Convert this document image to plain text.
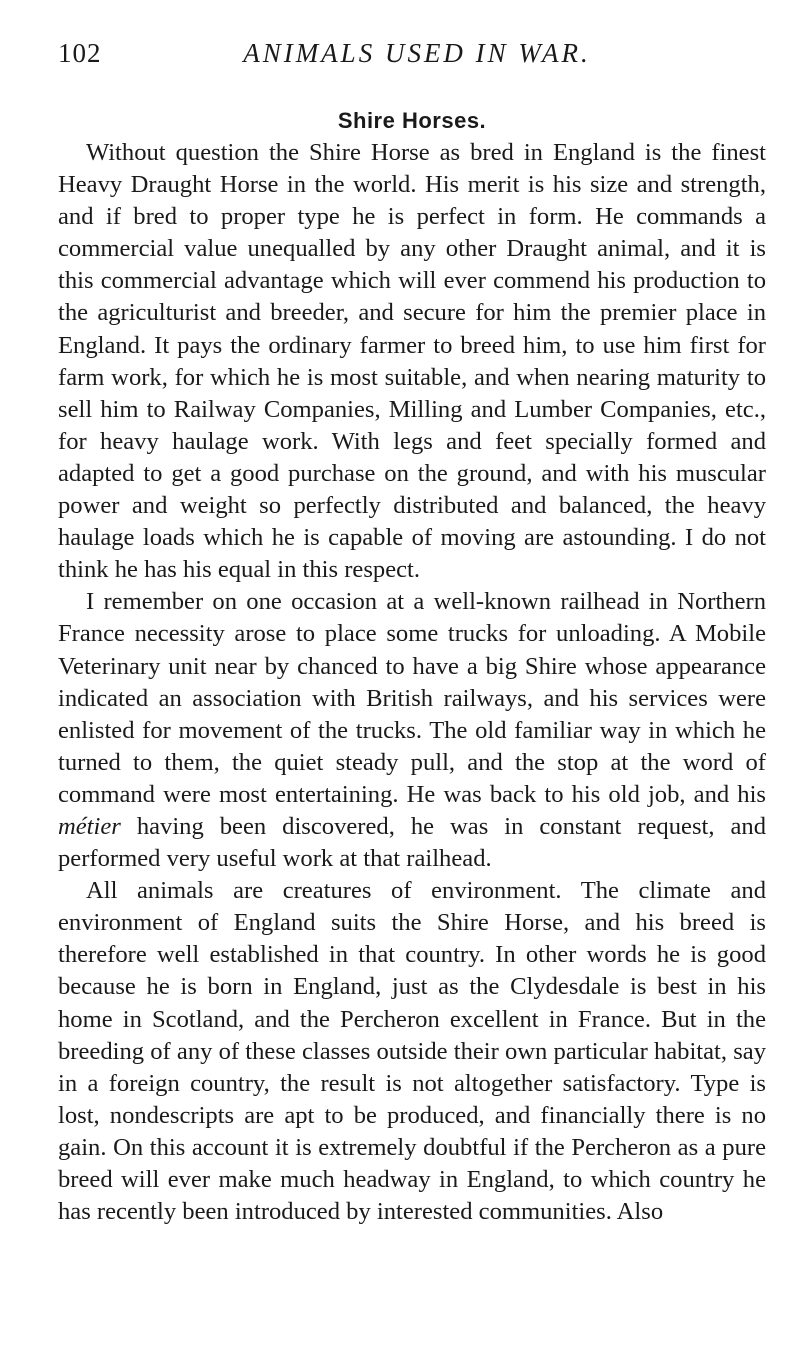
102	ANIMALS USED IN WAR.
Shire Horses.

Without question the Shire Horse as bred in England is the finest Heavy Draught Horse in the world. His merit is his size and strength, and if bred to proper type he is perfect in form. He commands a commercial value unequalled by any other Draught animal, and it is this commercial advantage which will ever commend his production to the agriculturist and breeder, and secure for him the premier place in England. It pays the ordinary farmer to breed him, to use him first for farm work, for which he is most suitable, and when nearing maturity to sell him to Railway Companies, Milling and Lumber Companies, etc., for heavy haulage work. With legs and feet specially formed and adapted to get a good purchase on the ground, and with his muscular power and weight so perfectly distributed and balanced, the heavy haulage loads which he is capable of moving are astounding. I do not think he has his equal in this respect.

I remember on one occasion at a well-known railhead in Northern France necessity arose to place some trucks for unloading. A Mobile Veterinary unit near by chanced to have a big Shire whose appearance indicated an association with British railways, and his services were enlisted for movement of the trucks. The old familiar way in which he turned to them, the quiet steady pull, and the stop at the word of command were most entertaining. He was back to his old job, and his métier having been discovered, he was in constant request, and performed very useful work at that railhead.

All animals are creatures of environment. The climate and environment of England suits the Shire Horse, and his breed is therefore well established in that country. In other words he is good because he is born in England, just as the Clydesdale is best in his home in Scotland, and the Percheron excellent in France. But in the breeding of any of these classes outside their own particular habitat, say in a foreign country, the result is not altogether satisfactory. Type is lost, nondescripts are apt to be produced, and financially there is no gain. On this account it is extremely doubtful if the Percheron as a pure breed will ever make much headway in England, to which country he has recently been introduced by interested communities. Also
